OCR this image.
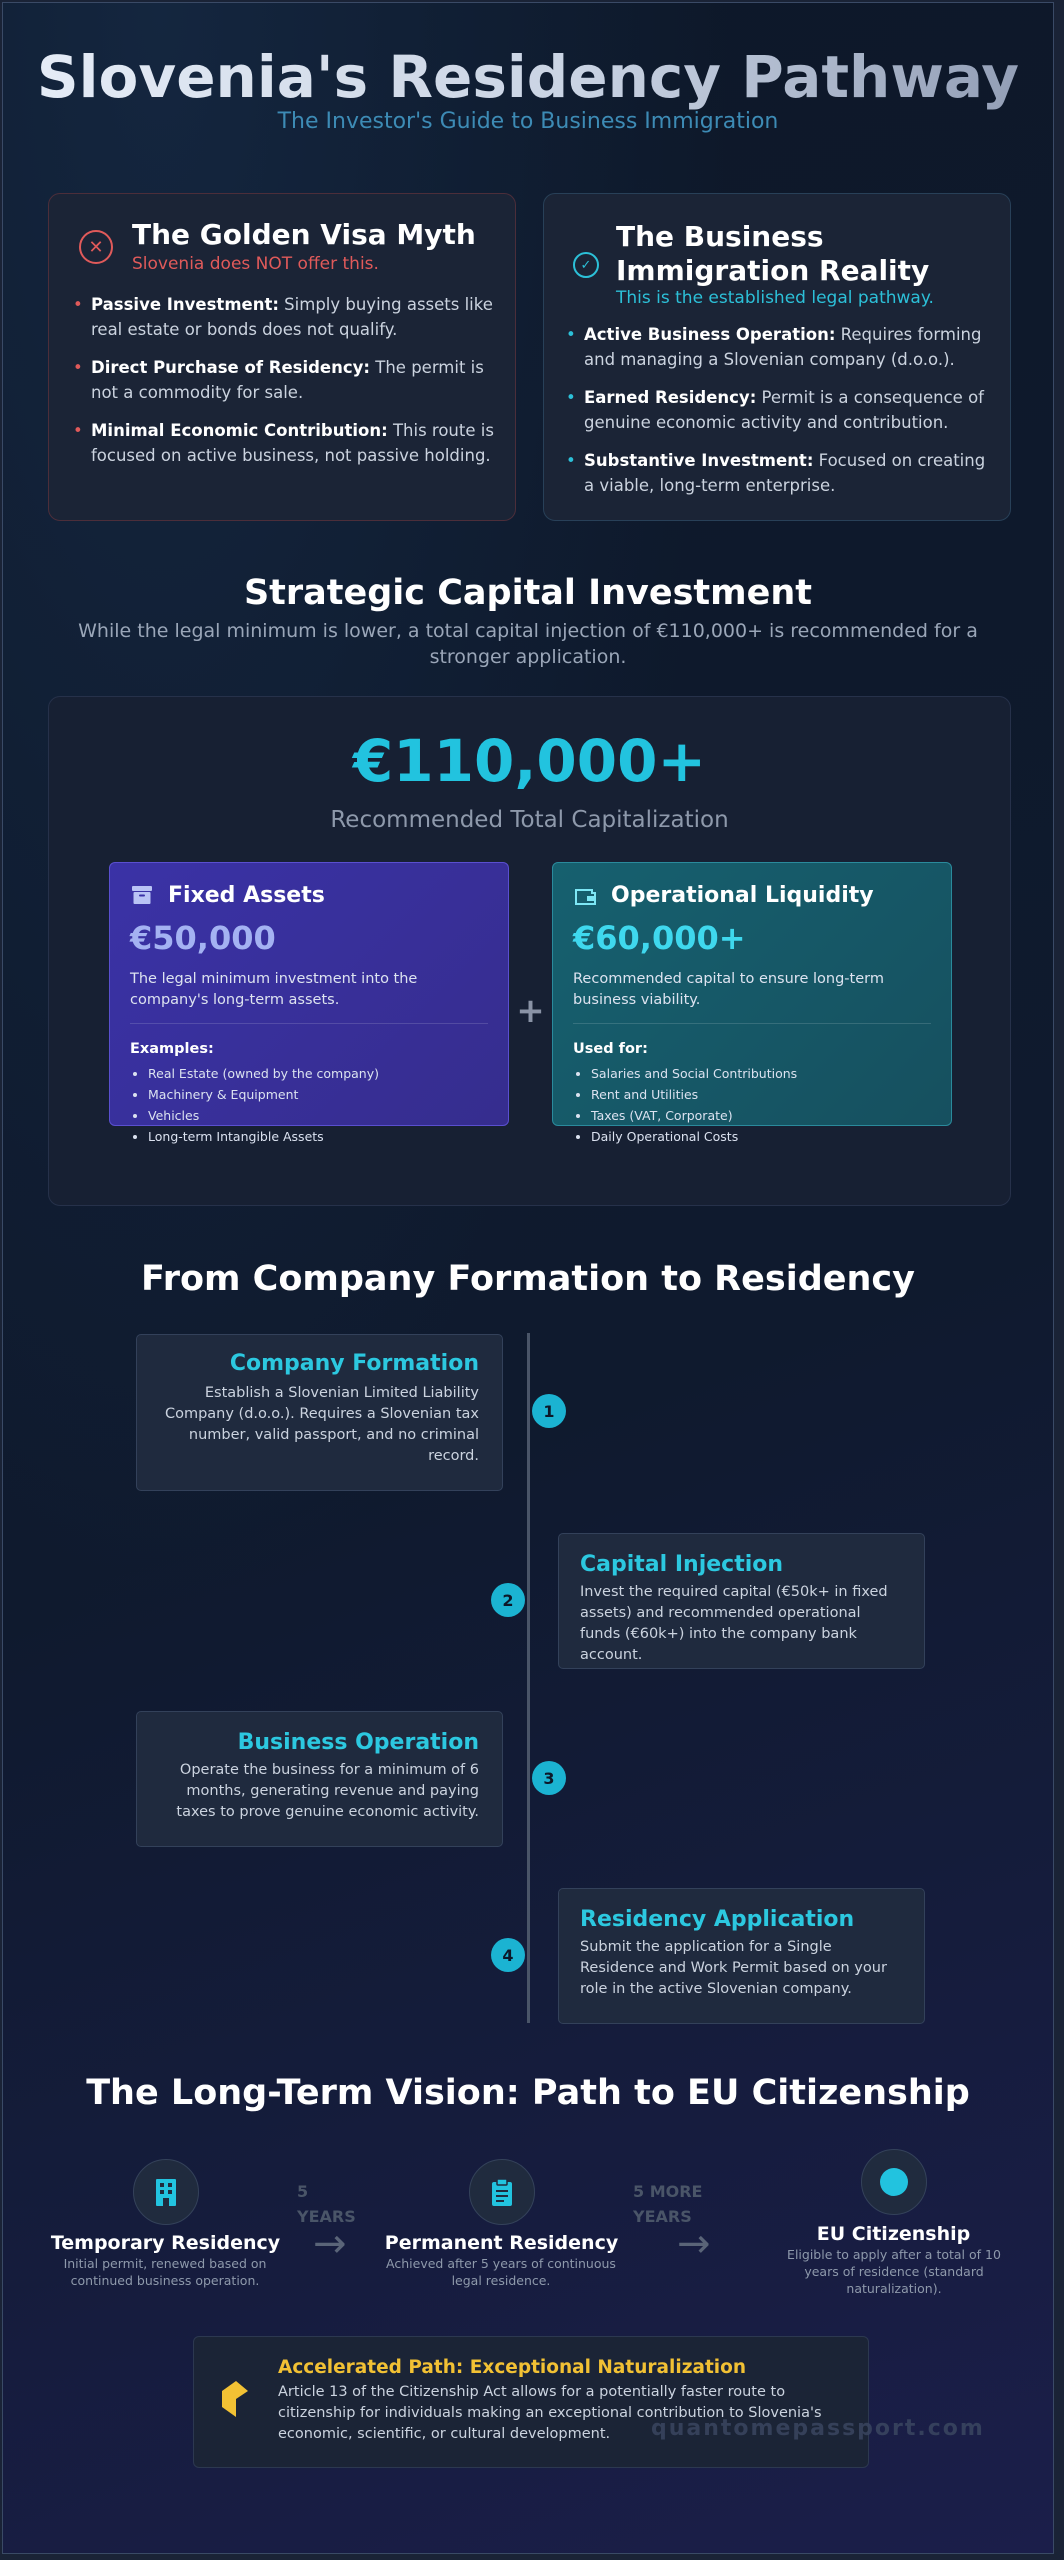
Slovenia's Residency Pathway
The Investor's Guide to Business Immigration
✕	The Golden Visa Myth
Slovenia does NOT offer this.
• Passive Investment: Simply buying assets like real estate or bonds does not qualify.
• Direct Purchase of Residency: The permit is not a commodity for sale.
• Minimal Economic Contribution: This route is focused on active business, not passive holding.
✓
The Business Immigration Reality
This is the established legal pathway.
• Active Business Operation: Requires forming and managing a Slovenian company (d.o.o.).
• Earned Residency: Permit is a consequence of genuine economic activity and contribution.
• Substantive Investment: Focused on creating a viable, long-term enterprise.
Strategic Capital Investment
While the legal minimum is lower, a total capital injection of €110,000+ is recommended for a stronger application.
€110,000+
Recommended Total Capitalization
Fixed Assets
€50,000
The legal minimum investment into the company's long-term assets.
Examples:
• Real Estate (owned by the company)
• Machinery & Equipment
• Vehicles
• Long-term Intangible Assets
+
Operational Liquidity
€60,000+
Recommended capital to ensure long-term business viability.
Used for:
• Salaries and Social Contributions
• Rent and Utilities
• Taxes (VAT, Corporate)
• Daily Operational Costs
From Company Formation to Residency
Company Formation
Establish a Slovenian Limited Liability Company (d.o.o.). Requires a Slovenian tax number, valid passport, and no criminal record.
1
Capital Injection
Invest the required capital (€50k+ in fixed assets) and recommended operational funds (€60k+) into the company bank account.
2
Business Operation
Operate the business for a minimum of 6 months, generating revenue and paying taxes to prove genuine economic activity.
3
Residency Application
Submit the application for a Single Residence and Work Permit based on your role in the active Slovenian company.
4
The Long-Term Vision: Path to EU Citizenship
Temporary Residency
Initial permit, renewed based on continued business operation.
5
YEARS
→	Permanent Residency
Achieved after 5 years of continuous legal residence.
5 MORE
YEARS
→	EU Citizenship
Eligible to apply after a total of 10 years of residence (standard naturalization).
Accelerated Path: Exceptional Naturalization
Article 13 of the Citizenship Act allows for a potentially faster route to citizenship for individuals making an exceptional contribution to Slovenia's economic, scientific, or cultural development.	quantomepassport.com
